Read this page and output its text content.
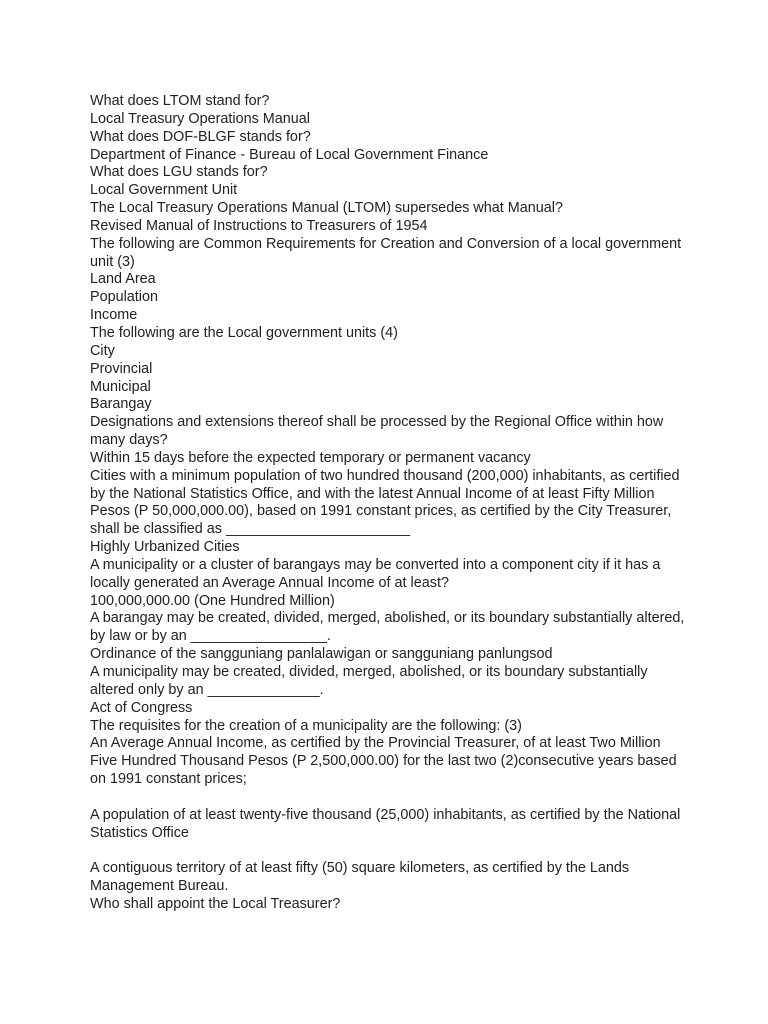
What does LTOM stand for?
Local Treasury Operations Manual
What does DOF-BLGF stands for?
Department of Finance - Bureau of Local Government Finance
What does LGU stands for?
Local Government Unit
The Local Treasury Operations Manual (LTOM) supersedes what Manual?
Revised Manual of Instructions to Treasurers of 1954
The following are Common Requirements for Creation and Conversion of a local government unit (3)
Land Area
Population
Income
The following are the Local government units (4)
City
Provincial
Municipal
Barangay
Designations and extensions thereof shall be processed by the Regional Office within how many days?
Within 15 days before the expected temporary or permanent vacancy
Cities with a minimum population of two hundred thousand (200,000) inhabitants, as certified by the National Statistics Office, and with the latest Annual Income of at least Fifty Million Pesos (P 50,000,000.00), based on 1991 constant prices, as certified by the City Treasurer, shall be classified as _______________________
Highly Urbanized Cities
A municipality or a cluster of barangays may be converted into a component city if it has a locally generated an Average Annual Income of at least?
100,000,000.00 (One Hundred Million)
A barangay may be created, divided, merged, abolished, or its boundary substantially altered, by law or by an _________________.
Ordinance of the sangguniang panlalawigan or sangguniang panlungsod
A municipality may be created, divided, merged, abolished, or its boundary substantially altered only by an ______________.
Act of Congress
The requisites for the creation of a municipality are the following: (3)
An Average Annual Income, as certified by the Provincial Treasurer, of at least Two Million Five Hundred Thousand Pesos (P 2,500,000.00) for the last two (2)consecutive years based on 1991 constant prices;
A population of at least twenty-five thousand (25,000) inhabitants, as certified by the National Statistics Office
A contiguous territory of at least fifty (50) square kilometers, as certified by the Lands Management Bureau.
Who shall appoint the Local Treasurer?
